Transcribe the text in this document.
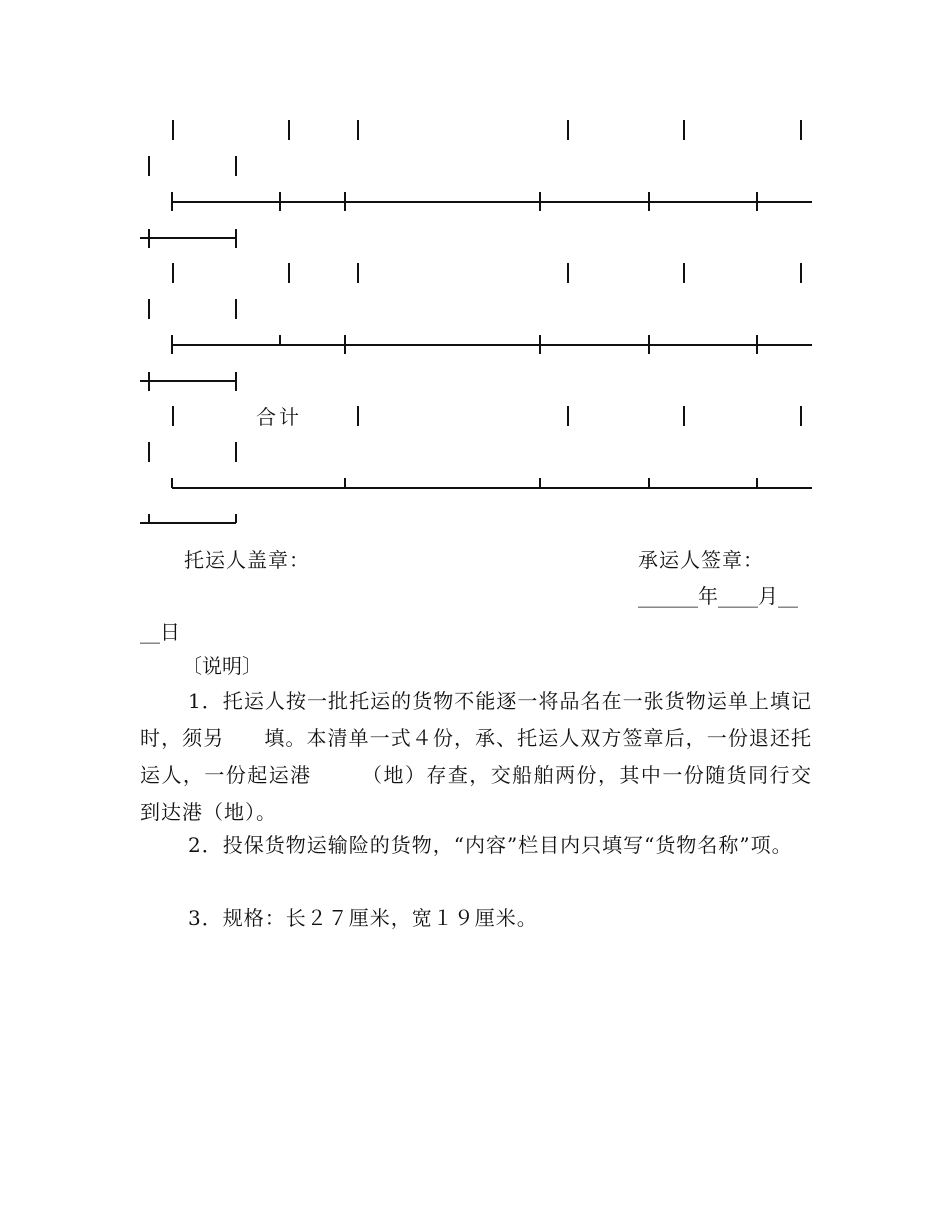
合计
托运人盖章：	承运人签章：
______年____月__
__日
〔说明〕
1．托运人按一批托运的货物不能逐一将品名在一张货物运单上填记时，须另 填。本清单一式４份，承、托运人双方签章后，一份退还托运人，一份起运港	（地）存查，交船舶两份，其中一份随货同行交到达港（地）。
2．投保货物运输险的货物，“内容”栏目内只填写“货物名称”项。
3．规格：长２７厘米，宽１９厘米。
